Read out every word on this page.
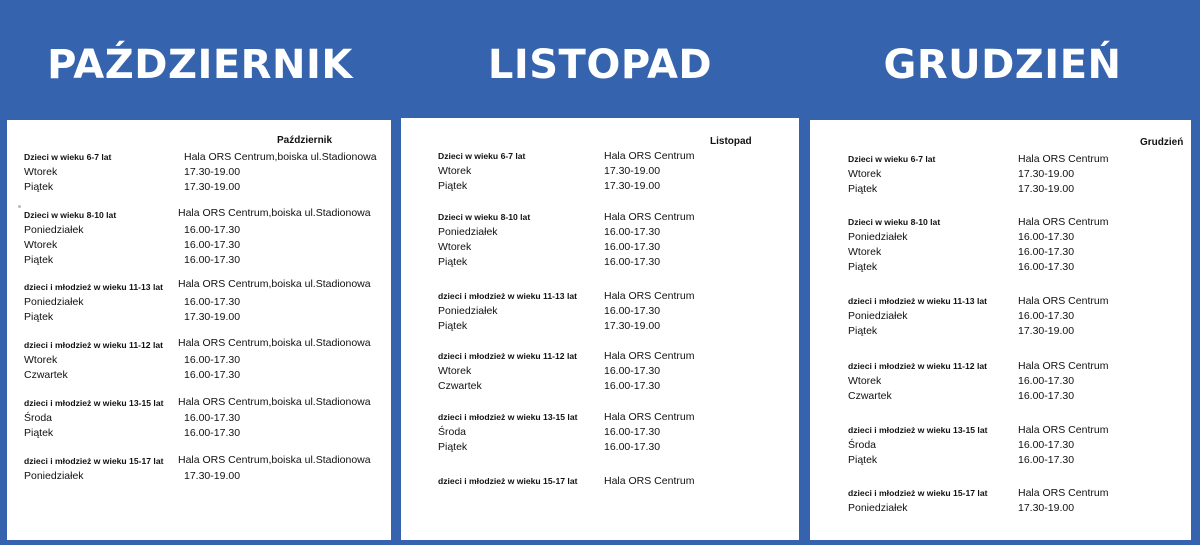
PAŹDZIERNIK	LISTOPAD	GRUDZIEŃ
Październik
Dzieci w wieku 6-7 lat	Hala ORS Centrum,boiska ul.Stadionowa
Wtorek	17.30-19.00
Piątek	17.30-19.00
Dzieci w wieku 8-10 lat	Hala ORS Centrum,boiska ul.Stadionowa
Poniedziałek	16.00-17.30
Wtorek	16.00-17.30
Piątek	16.00-17.30
dzieci i młodzież w wieku 11-13 lat Hala ORS Centrum,boiska ul.Stadionowa
Poniedziałek	16.00-17.30
Piątek	17.30-19.00
dzieci i młodzież w wieku 11-12 lat Hala ORS Centrum,boiska ul.Stadionowa
Wtorek	16.00-17.30
Czwartek	16.00-17.30
dzieci i młodzież w wieku 13-15 lat Hala ORS Centrum,boiska ul.Stadionowa
Środa	16.00-17.30
Piątek	16.00-17.30
dzieci i młodzież w wieku 15-17 lat Hala ORS Centrum,boiska ul.Stadionowa
Poniedziałek	17.30-19.00
Listopad
Dzieci w wieku 6-7 lat	Hala ORS Centrum
Wtorek	17.30-19.00
Piątek	17.30-19.00
Dzieci w wieku 8-10 lat	Hala ORS Centrum
Poniedziałek	16.00-17.30
Wtorek	16.00-17.30
Piątek	16.00-17.30
dzieci i młodzież w wieku 11-13 lat	Hala ORS Centrum
Poniedziałek	16.00-17.30
Piątek	17.30-19.00
dzieci i młodzież w wieku 11-12 lat	Hala ORS Centrum
Wtorek	16.00-17.30
Czwartek	16.00-17.30
dzieci i młodzież w wieku 13-15 lat	Hala ORS Centrum
Środa	16.00-17.30
Piątek	16.00-17.30
dzieci i młodzież w wieku 15-17 lat	Hala ORS Centrum
Grudzień
Dzieci w wieku 6-7 lat	Hala ORS Centrum
Wtorek	17.30-19.00
Piątek	17.30-19.00
Dzieci w wieku 8-10 lat	Hala ORS Centrum
Poniedziałek	16.00-17.30
Wtorek	16.00-17.30
Piątek	16.00-17.30
dzieci i młodzież w wieku 11-13 lat	Hala ORS Centrum
Poniedziałek	16.00-17.30
Piątek	17.30-19.00
dzieci i młodzież w wieku 11-12 lat	Hala ORS Centrum
Wtorek	16.00-17.30
Czwartek	16.00-17.30
dzieci i młodzież w wieku 13-15 lat	Hala ORS Centrum
Środa	16.00-17.30
Piątek	16.00-17.30
dzieci i młodzież w wieku 15-17 lat	Hala ORS Centrum
Poniedziałek	17.30-19.00
